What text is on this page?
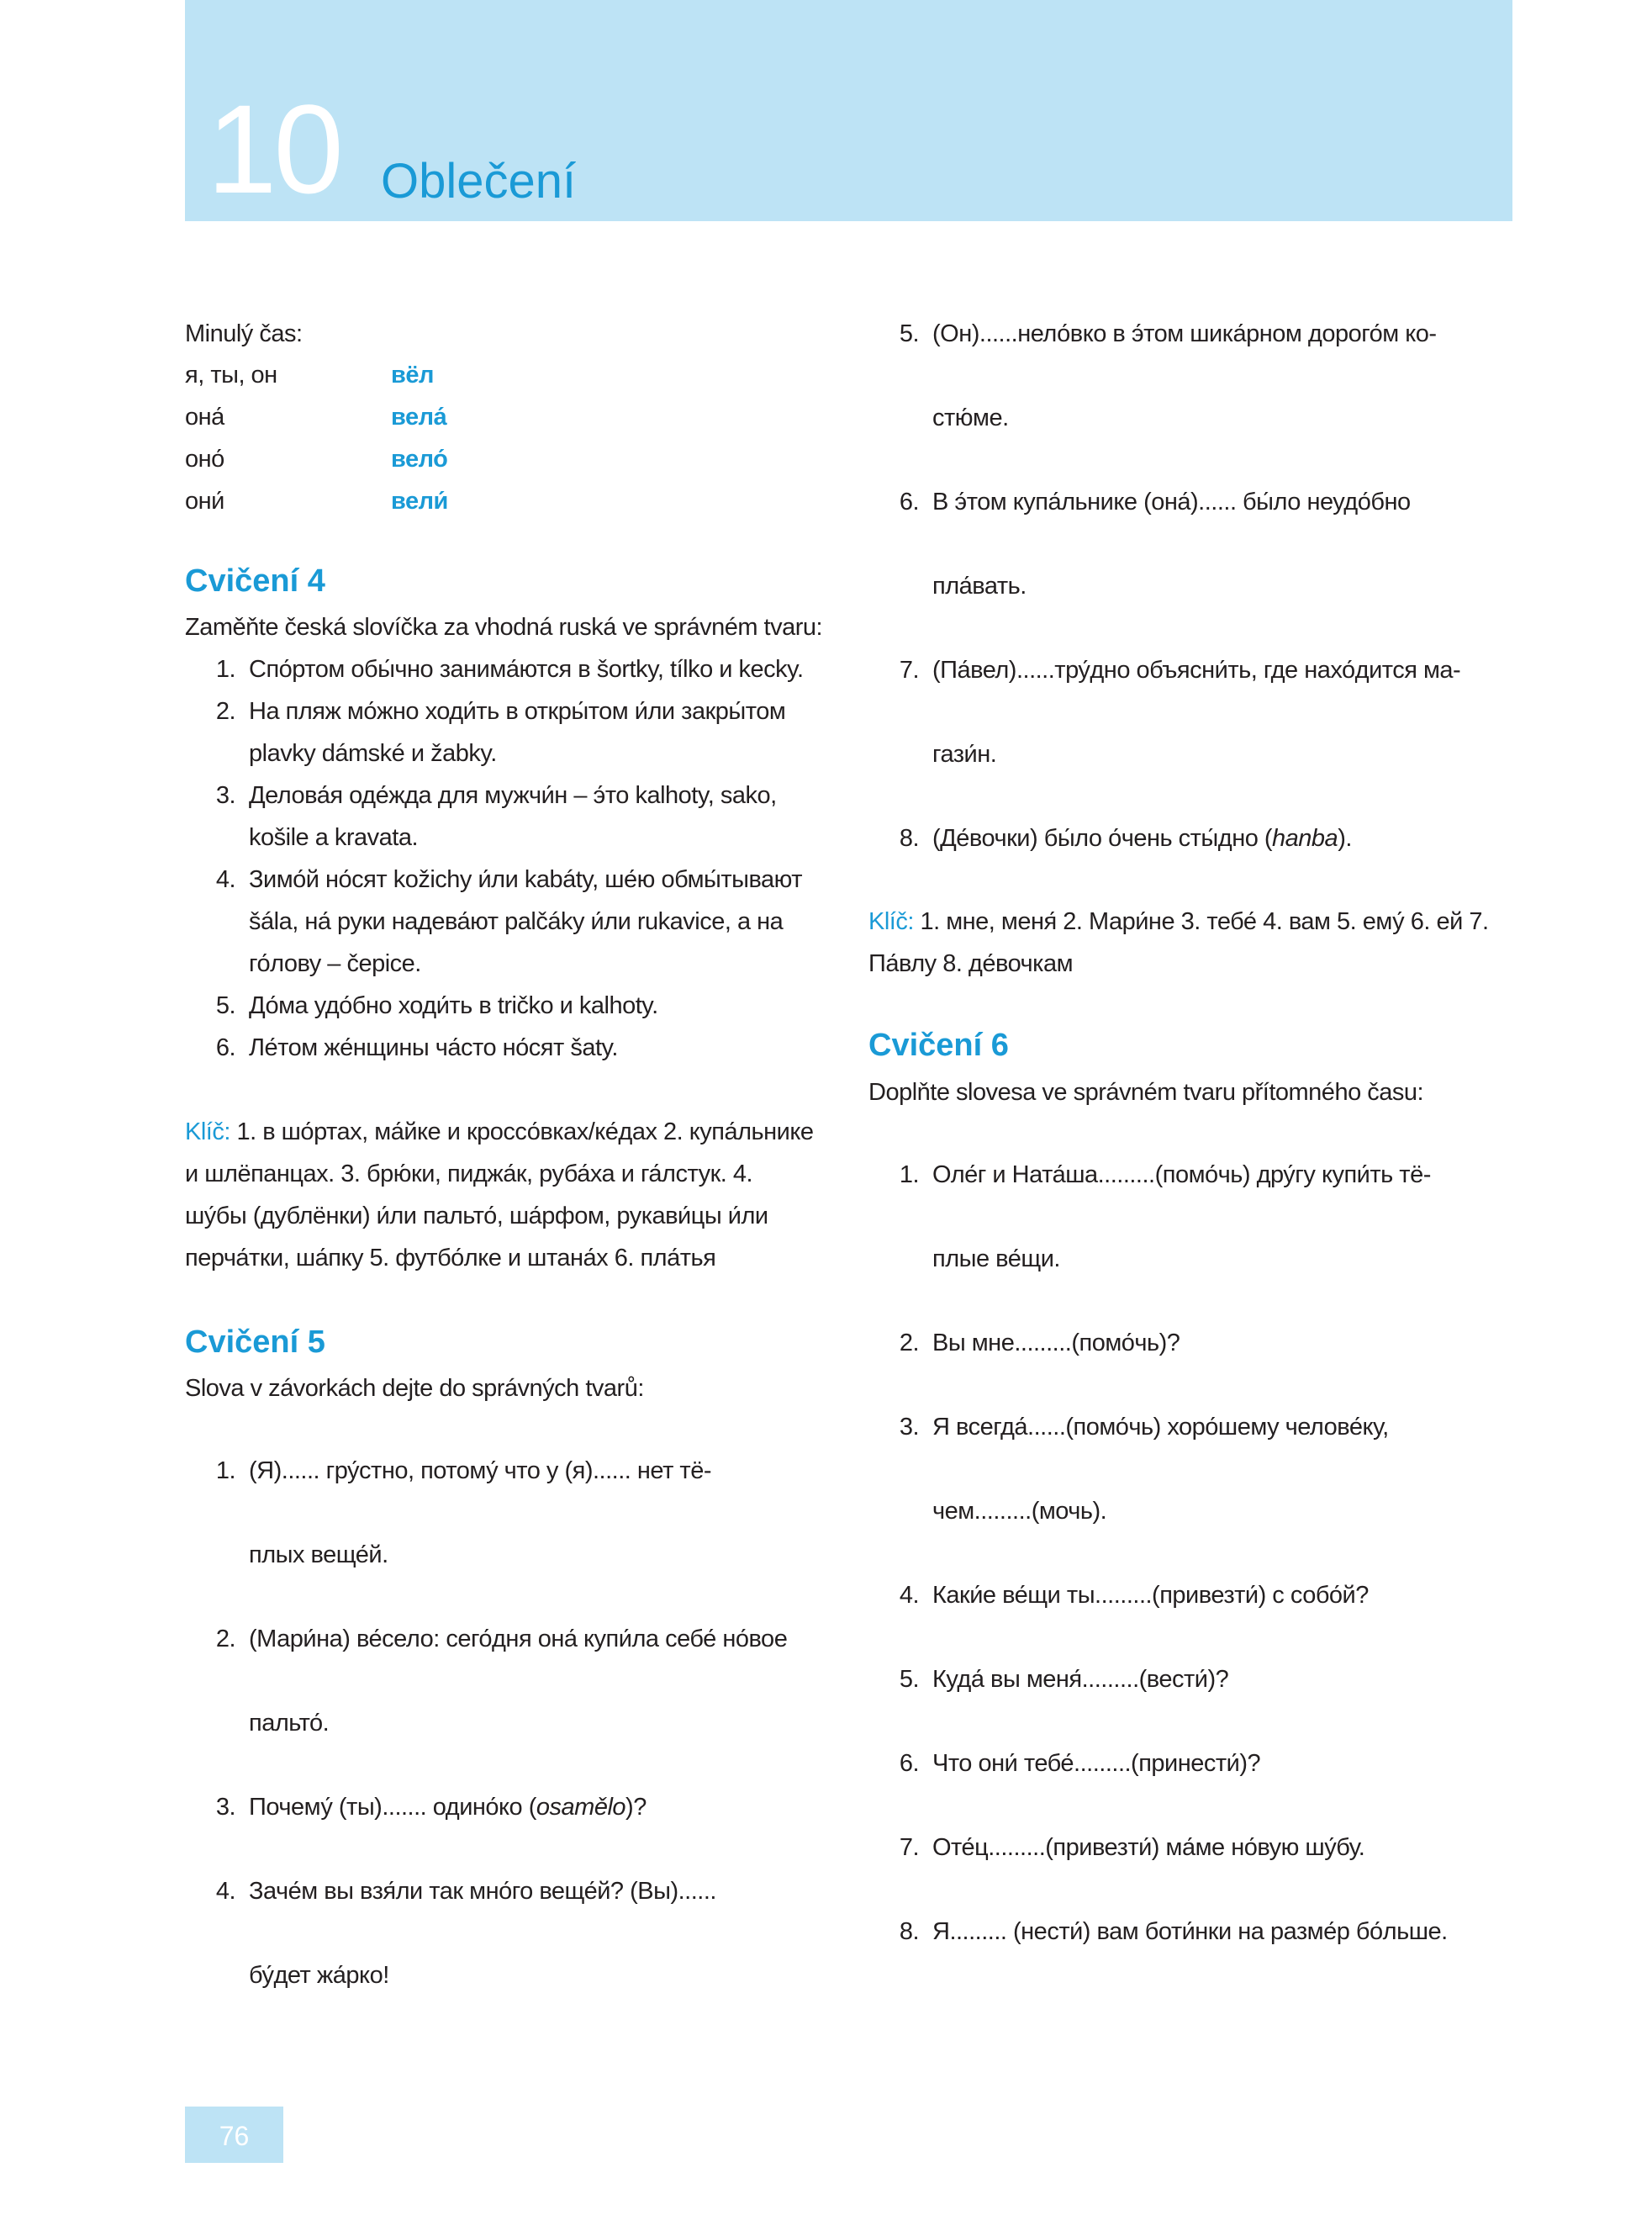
10 Oblečení
Minulý čas:
я, ты, он	вёл
она́	вела́
оно́	вело́
они́	вели́
Cvičení 4
Zaměňte česká slovíčka za vhodná ruská ve správném tvaru:
1. Спо́ртом обы́чно занима́ются в šortky, tílko и kecky.
2. На пляж мо́жно ходи́ть в откры́том и́ли закры́том
plavky dámské и žabky.
3. Делова́я оде́жда для мужчи́н – э́то kalhoty, sako,
košile a kravata.
4. Зимо́й но́сят kožichy и́ли kabáty, ше́ю обмы́тывают
šála, на́ руки надева́ют palčáky и́ли rukavice, а на
го́лову – čepice.
5. До́ма удо́бно ходи́ть в tričko и kalhoty.
6. Ле́том же́нщины ча́сто но́сят šaty.
Klíč: 1. в шо́ртах, ма́йке и кроссо́вках/ке́дах 2. купа́льнике
и шлёпанцах. 3. брю́ки, пиджа́к, руба́ха и га́лстук. 4.
шу́бы (дублёнки) и́ли пальто́, ша́рфом, рукави́цы и́ли
перча́тки, ша́пку 5. футбо́лке и штана́х 6. пла́тья
Cvičení 5
Slova v závorkách dejte do správných tvarů:
1. (Я)...... гру́стно, потому́ что у (я)...... нет тё-
плых веще́й.
2. (Мари́на) ве́село: сего́дня она́ купи́ла себе́ но́вое
пальто́.
3. Почему́ (ты)....... одино́ко (osamělo)?
4. Заче́м вы взя́ли так мно́го веще́й? (Вы)......
бу́дет жа́рко!
5. (Он)......нело́вко в э́том шика́рном дорого́м ко-
стю́ме.
6. В э́том купа́льнике (она́)...... бы́ло неудо́бно
пла́вать.
7. (Па́вел)......тру́дно объясни́ть, где нахо́дится ма-
гази́н.
8. (Де́вочки) бы́ло о́чень сты́дно (hanba).
Klíč: 1. мне, меня́ 2. Мари́не 3. тебе́ 4. вам 5. ему́ 6. ей 7.
Па́влу 8. де́вочкам
Cvičení 6
Doplňte slovesa ve správném tvaru přítomného času:
1. Оле́г и Ната́ша.........(помо́чь) дру́гу купи́ть тё-
плые ве́щи.
2. Вы мне.........(помо́чь)?
3. Я всегда́......(помо́чь) хоро́шему челове́ку,
чем.........(мочь).
4. Каки́е ве́щи ты.........(привезти́) с собо́й?
5. Куда́ вы меня́.........(вести́)?
6. Что они́ тебе́.........(принести́)?
7. Оте́ц.........(привезти́) ма́ме но́вую шу́бу.
8. Я......... (нести́) вам боти́нки на разме́р бо́льше.
76
